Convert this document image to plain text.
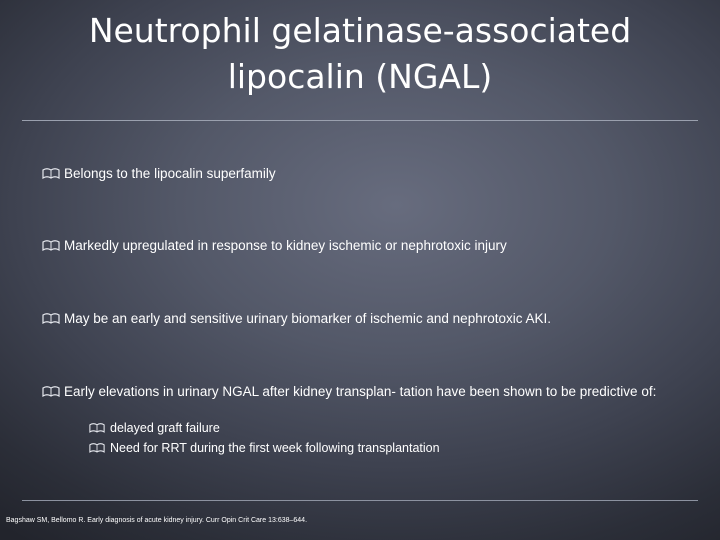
Neutrophil gelatinase-associated
lipocalin (NGAL)
Belongs to the lipocalin superfamily
Markedly upregulated in response to kidney ischemic or nephrotoxic injury
May be an early and sensitive urinary biomarker of ischemic and nephrotoxic AKI.
Early elevations in urinary NGAL after kidney transplan- tation have been shown to be predictive of:
delayed graft failure
Need for RRT during the first week following transplantation
Bagshaw SM, Bellomo R. Early diagnosis of acute kidney injury. Curr Opin Crit Care 13:638–644.
